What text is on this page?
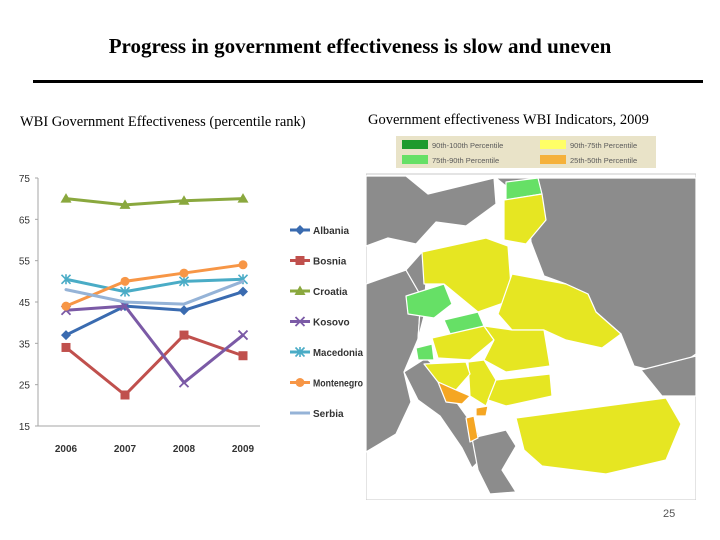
Progress in government effectiveness is slow and uneven
WBI Government Effectiveness (percentile rank)	Government effectiveness WBI Indicators, 2009
15
25
35
45
55
65
75
2006	2007	2008	2009
Albania
Bosnia
Croatia
Kosovo
Macedonia
Montenegro
Serbia
90th-100th Percentile	90th-75th Percentile
75th-90th Percentile	25th-50th Percentile
25
